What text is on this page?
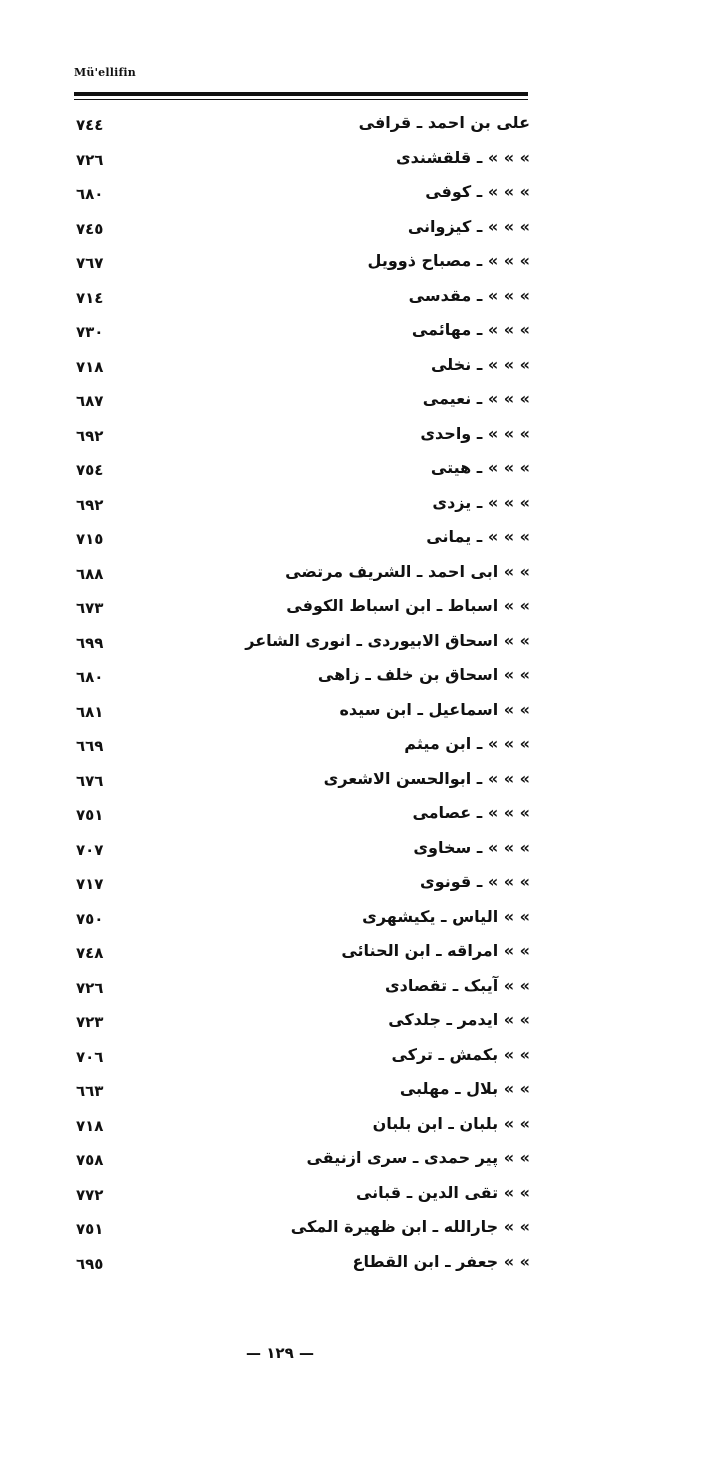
Mü'ellifin
٧٤٤	علی بن احمد ـ قرافی
٧٢٦	» » » ـ قلقشندی
٦٨٠	» » » ـ کوفی
٧٤٥	» » » ـ کیزوانی
٧٦٧	» » » ـ مصباح ذوویل
٧١٤	» » » ـ مقدسی
٧٣٠	» » » ـ مهائمی
٧١٨	» » » ـ نخلی
٦٨٧	» » » ـ نعیمی
٦٩٢	» » » ـ واحدی
٧٥٤	» » » ـ هیتی
٦٩٢	» » » ـ یزدی
٧١٥	» » » ـ یمانی
٦٨٨	» » ابی احمد ـ الشریف مرتضی
٦٧٣	» » اسباط ـ ابن اسباط الکوفی
٦٩٩	» » اسحاق الابیوردی ـ انوری الشاعر
٦٨٠	» » اسحاق بن خلف ـ زاهی
٦٨١	» » اسماعیل ـ ابن سیده
٦٦٩	» » » ـ ابن میثم
٦٧٦	» » » ـ ابوالحسن الاشعری
٧٥١	» » » ـ عصامی
٧٠٧	» » » ـ سخاوی
٧١٧	» » » ـ قونوی
٧٥٠	» » الیاس ـ یکیشهری
٧٤٨	» » امراقه ـ ابن الحنائی
٧٢٦	» » آیبک ـ تقصادی
٧٢٣	» » ایدمر ـ جلدکی
٧٠٦	» » بکمش ـ ترکی
٦٦٣	» » بلال ـ مهلبی
٧١٨	» » بلبان ـ ابن بلبان
٧٥٨	» » پیر حمدی ـ سری ازنیقی
٧٧٢	» » تقی الدین ـ قبانی
٧٥١	» » جارالله ـ ابن ظهیرة المکی
٦٩٥	» » جعفر ـ ابن القطاع
— ١٢٩ —
